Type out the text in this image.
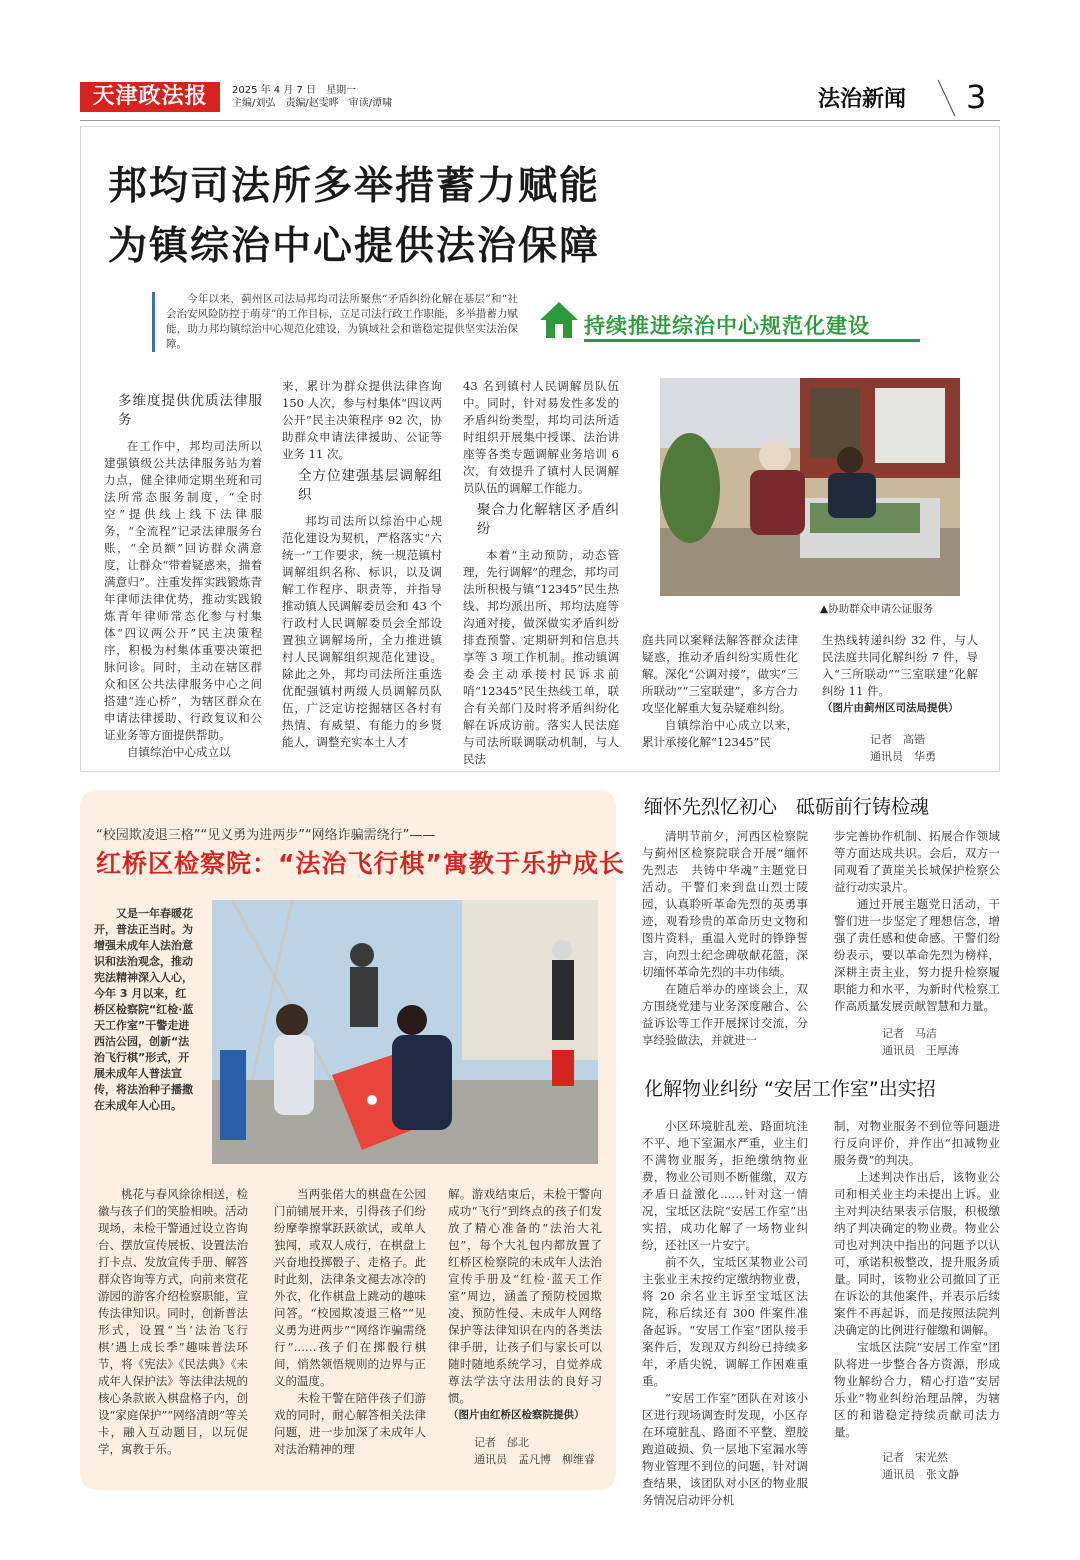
天津政法报	2025 年 4 月 7 日　星期一
主编/刘弘　责编/赵雯晔　审读/谭啸	法治新闻 3
邦均司法所多举措蓄力赋能
为镇综治中心提供法治保障
今年以来，蓟州区司法局邦均司法所聚焦“矛盾纠纷化解在基层”和“社会治安风险防控于萌芽”的工作目标，立足司法行政工作职能，多举措蓄力赋能，助力邦均镇综治中心规范化建设，为镇域社会和谐稳定提供坚实法治保障。
持续推进综治中心规范化建设
多维度提供优质法律服务

在工作中，邦均司法所以建强镇级公共法律服务站为着力点，健全律师定期坐班和司法所常态服务制度，“全时空”提供线上线下法律服务，“全流程”记录法律服务台账，“全员额”回访群众满意度，让群众“带着疑惑来，揣着满意归”。注重发挥实践锻炼青年律师法律优势，推动实践锻炼青年律师常态化参与村集体“四议两公开”民主决策程序，积极为村集体重要决策把脉问诊。同时，主动在辖区群众和区公共法律服务中心之间搭建“连心桥”，为辖区群众在申请法律援助、行政复议和公证业务等方面提供帮助。

自镇综治中心成立以

来，累计为群众提供法律咨询 150 人次，参与村集体“四议两公开”民主决策程序 92 次，协助群众申请法律援助、公证等业务 11 次。

全方位建强基层调解组织

邦均司法所以综治中心规范化建设为契机，严格落实“六统一”工作要求，统一规范镇村调解组织名称、标识，以及调解工作程序、职责等，并指导推动镇人民调解委员会和 43 个行政村人民调解委员会全部设置独立调解场所，全力推进镇村人民调解组织规范化建设。除此之外，邦均司法所注重选优配强镇村两级人员调解员队伍，广泛定访挖掘辖区各村有热情、有威望、有能力的乡贤能人，调整充实本土人才

43 名到镇村人民调解员队伍中。同时，针对易发性多发的矛盾纠纷类型，邦均司法所适时组织开展集中授课、法治讲座等各类专题调解业务培训 6 次，有效提升了镇村人民调解员队伍的调解工作能力。

聚合力化解辖区矛盾纠纷

本着“主动预防，动态管理，先行调解”的理念，邦均司法所积极与镇“12345”民生热线、邦均派出所、邦均法庭等沟通对接，做深做实矛盾纠纷排查预警、定期研判和信息共享等 3 项工作机制。推动镇调委会主动承接村民诉求前哨“12345”民生热线工单，联合有关部门及时将矛盾纠纷化解在诉成访前。落实人民法庭与司法所联调联动机制，与人民法

▲协助群众申请公证服务

庭共同以案释法解答群众法律疑惑，推动矛盾纠纷实质性化解。深化“公调对接”，做实“三所联动”“三室联建”，多方合力攻坚化解重大复杂疑难纠纷。

自镇综治中心成立以来，累计承接化解“12345”民

生热线转递纠纷 32 件，与人民法庭共同化解纠纷 7 件，导入“三所联动”“三室联建”化解纠纷 11 件。

（图片由蓟州区司法局提供）

记者　高锴
通讯员　华勇
“校园欺凌退三格”“见义勇为进两步”“网络诈骗需绕行”——
红桥区检察院：“法治飞行棋”寓教于乐护成长
又是一年春暖花开，普法正当时。为增强未成年人法治意识和法治观念，推动宪法精神深入人心，今年 3 月以来，红桥区检察院“红检·蓝天工作室”干警走进西沽公园，创新“法治飞行棋”形式，开展未成年人普法宣传，将法治种子播撒在未成年人心田。

桃花与春风徐徐相送，检徽与孩子们的笑脸相映。活动现场，未检干警通过设立咨询台、摆放宣传展板、设置法治打卡点、发放宣传手册、解答群众咨询等方式，向前来赏花游园的游客介绍检察职能，宣传法律知识。同时，创新普法形式，设置“当‘法治飞行棋’遇上成长季”趣味普法环节，将《宪法》《民法典》《未成年人保护法》等法律法规的核心条款嵌入棋盘格子内，创设“家庭保护”“网络清朗”等关卡，融入互动题目，以玩促学，寓教于乐。

当两张偌大的棋盘在公园门前铺展开来，引得孩子们纷纷摩拳擦掌跃跃欲试，或单人独闯，或双人成行，在棋盘上兴奋地投掷骰子、走格子。此时此刻，法律条文褪去冰冷的外衣，化作棋盘上跳动的趣味问答。“校园欺凌退三格”“见义勇为进两步”“网络诈骗需绕行”……孩子们在掷骰行棋间，悄然领悟规则的边界与正义的温度。

未检干警在陪伴孩子们游戏的同时，耐心解答相关法律问题，进一步加深了未成年人对法治精神的理

解。游戏结束后，未检干警向成功“飞行”到终点的孩子们发放了精心准备的“法治大礼包”，每个大礼包内都放置了红桥区检察院的未成年人法治宣传手册及“红检·蓝天工作室”周边，涵盖了预防校园欺凌、预防性侵、未成年人网络保护等法律知识在内的各类法律手册，让孩子们与家长可以随时随地系统学习，自觉养成尊法学法守法用法的良好习惯。

（图片由红桥区检察院提供）

记者　邰北
通讯员　孟凡博　柳维睿
缅怀先烈忆初心　砥砺前行铸检魂

清明节前夕，河西区检察院与蓟州区检察院联合开展“缅怀先烈志　共铸中华魂”主题党日活动。干警们来到盘山烈士陵园，认真聆听革命先烈的英勇事迹，观看珍贵的革命历史文物和图片资料，重温入党时的铮铮誓言，向烈士纪念碑敬献花篮，深切缅怀革命先烈的丰功伟绩。

在随后举办的座谈会上，双方围绕党建与业务深度融合、公益诉讼等工作开展探讨交流，分享经验做法，并就进一

步完善协作机制、拓展合作领域等方面达成共识。会后，双方一同观看了黄崖关长城保护检察公益行动实录片。

通过开展主题党日活动，干警们进一步坚定了理想信念，增强了责任感和使命感。干警们纷纷表示，要以革命先烈为榜样，深耕主责主业，努力提升检察履职能力和水平，为新时代检察工作高质量发展贡献智慧和力量。

记者　马洁
通讯员　王厚涛
化解物业纠纷 “安居工作室”出实招

小区环境脏乱差、路面坑洼不平、地下室漏水严重，业主们不满物业服务，拒绝缴纳物业费，物业公司则不断催缴，双方矛盾日益激化……针对这一情况，宝坻区法院“安居工作室”出实招，成功化解了一场物业纠纷，还社区一片安宁。

前不久，宝坻区某物业公司主张业主未按约定缴纳物业费，将 20 余名业主诉至宝坻区法院，称后续还有 300 件案件准备起诉。“安居工作室”团队接手案件后，发现双方纠纷已持续多年，矛盾尖锐，调解工作困难重重。

“安居工作室”团队在对该小区进行现场调查时发现，小区存在环境脏乱、路面不平整、塑胶跑道破损、负一层地下室漏水等物业管理不到位的问题，针对调查结果，该团队对小区的物业服务情况启动评分机

制，对物业服务不到位等问题进行反向评价，并作出“扣减物业服务费”的判决。

上述判决作出后，该物业公司和相关业主均未提出上诉。业主对判决结果表示信服，积极缴纳了判决确定的物业费。物业公司也对判决中指出的问题予以认可，承诺积极整改，提升服务质量。同时，该物业公司撤回了正在诉讼的其他案件，并表示后续案件不再起诉，而是按照法院判决确定的比例进行催缴和调解。

宝坻区法院“安居工作室”团队将进一步整合各方资源，形成物业解纷合力，精心打造“安居乐业”物业纠纷治理品牌，为辖区的和谐稳定持续贡献司法力量。

记者　宋光然
通讯员　张文静
